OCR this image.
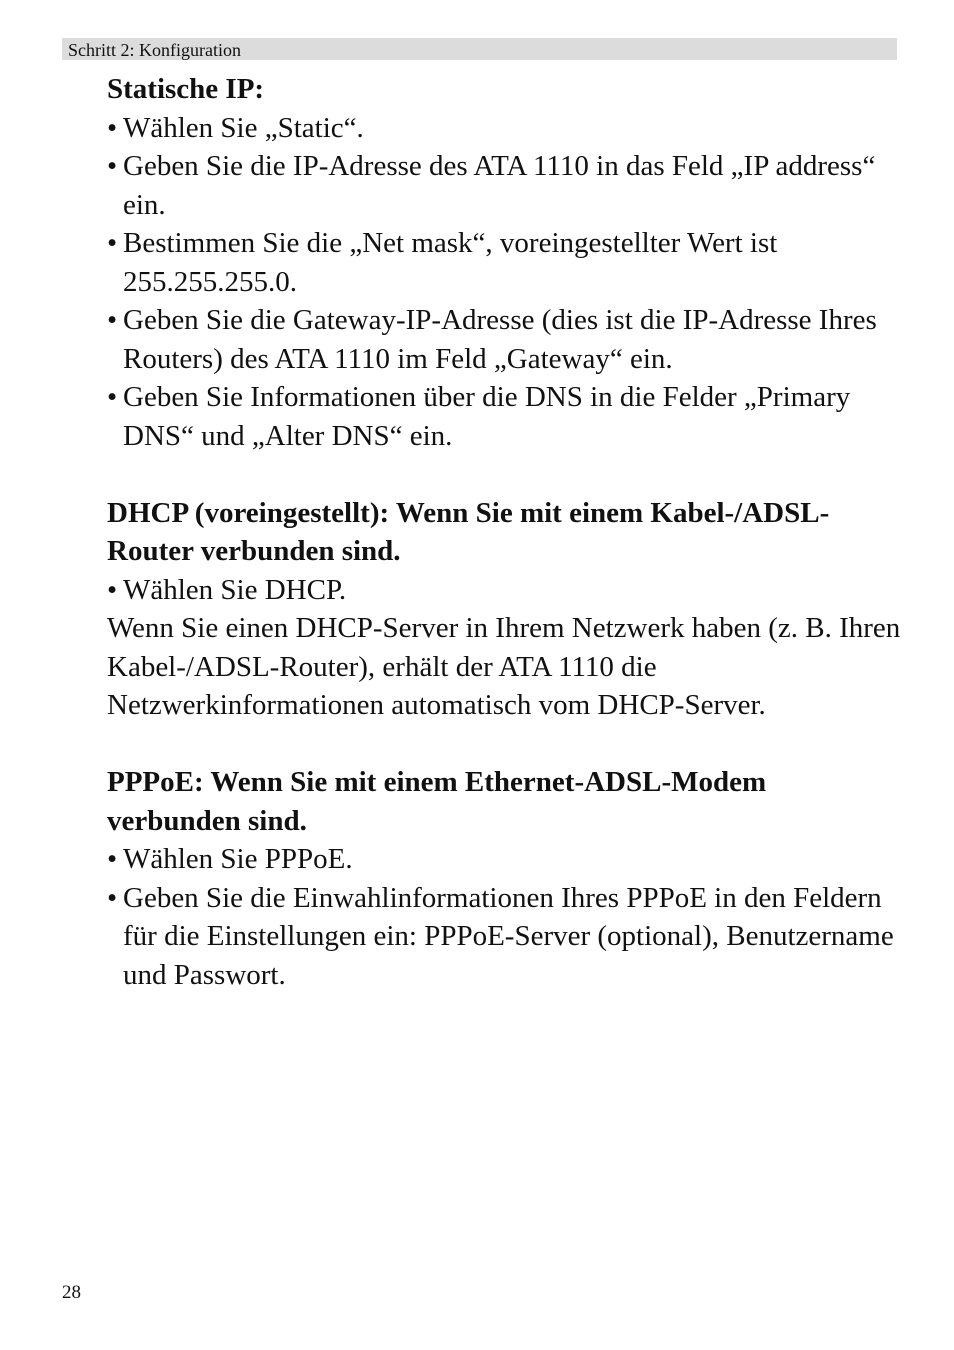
Schritt 2: Konfiguration

Statische IP:

• Wählen Sie „Static“.

• Geben Sie die IP-Adresse des ATA 1110 in das Feld „IP address“ ein.

• Bestimmen Sie die „Net mask“, voreingestellter Wert ist 255.255.255.0.

• Geben Sie die Gateway-IP-Adresse (dies ist die IP-Adresse Ihres Routers) des ATA 1110 im Feld „Gateway“ ein.

• Geben Sie Informationen über die DNS in die Felder „Primary DNS“ und „Alter DNS“ ein.

DHCP (voreingestellt): Wenn Sie mit einem Kabel-/ADSL-Router verbunden sind.

• Wählen Sie DHCP.

Wenn Sie einen DHCP-Server in Ihrem Netzwerk haben (z. B. Ihren Kabel-/ADSL-Router), erhält der ATA 1110 die Netzwerkinformationen automatisch vom DHCP-Server.

PPPoE: Wenn Sie mit einem Ethernet-ADSL-Modem verbunden sind.

• Wählen Sie PPPoE.

• Geben Sie die Einwahlinformationen Ihres PPPoE in den Feldern für die Einstellungen ein: PPPoE-Server (optional), Benutzername und Passwort.

28
